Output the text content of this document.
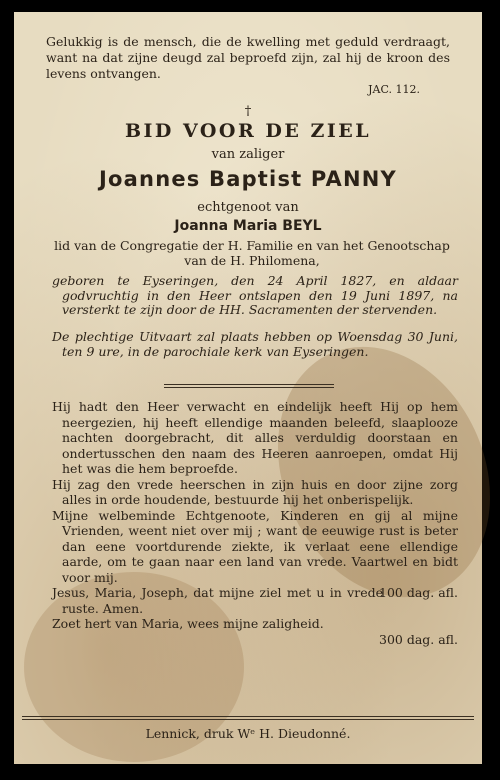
Gelukkig is de mensch, die de kwelling met geduld verdraagt, want na dat zijne deugd zal beproefd zijn, zal hij de kroon des levens ontvangen.
JAC. 112.
†
BID VOOR DE ZIEL
van zaliger
Joannes Baptist PANNY
echtgenoot van
Joanna Maria BEYL
lid van de Congregatie der H. Familie en van het Genootschap van de H. Philomena,
geboren te Eyseringen, den 24 April 1827, en aldaar godvruchtig in den Heer ontslapen den 19 Juni 1897, na versterkt te zijn door de HH. Sacramenten der stervenden.
De plechtige Uitvaart zal plaats hebben op Woensdag 30 Juni, ten 9 ure, in de parochiale kerk van Eyseringen.

Hij hadt den Heer verwacht en eindelijk heeft Hij op hem neergezien, hij heeft ellendige maanden beleefd, slaaplooze nachten doorgebracht, dit alles verduldig doorstaan en ondertusschen den naam des Heeren aanroepen, omdat Hij het was die hem beproefde.

Hij zag den vrede heerschen in zijn huis en door zijne zorg alles in orde houdende, bestuurde hij het onberispelijk.

Mijne welbeminde Echtgenoote, Kinderen en gij al mijne Vrienden, weent niet over mij ; want de eeuwige rust is beter dan eene voortdurende ziekte, ik verlaat eene ellendige aarde, om te gaan naar een land van vrede. Vaartwel en bidt voor mij.

Jesus, Maria, Joseph, dat mijne ziel met u in vrede ruste. Amen.
100 dag. afl.

Zoet hert van Maria, wees mijne zaligheid.

300 dag. afl.

Lennick, druk Wᵉ H. Dieudonné.
